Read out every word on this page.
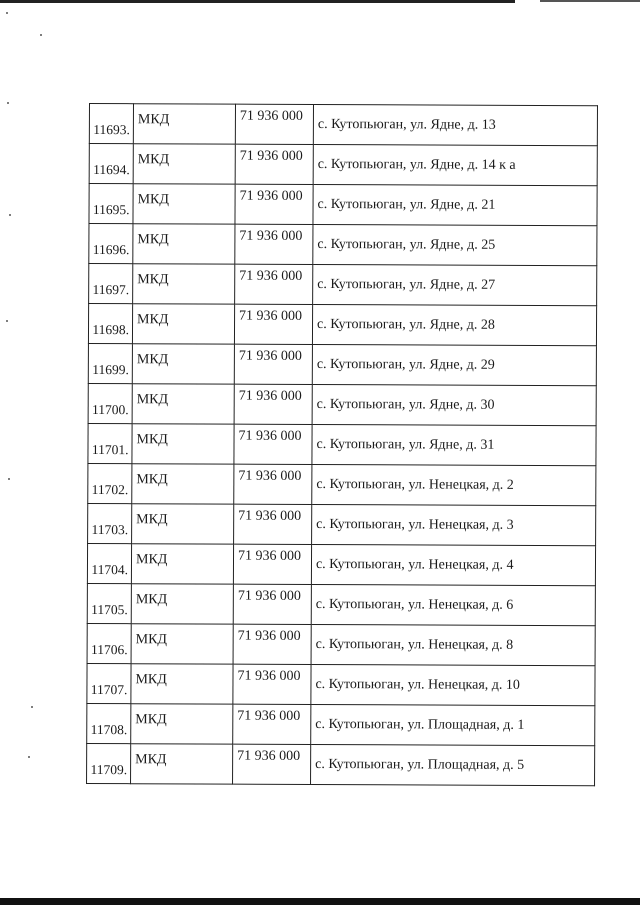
11693.	МКД	71 936 000	с. Кутопьюган, ул. Ядне, д. 13

11694.	МКД	71 936 000	с. Кутопьюган, ул. Ядне, д. 14 к а

11695.	МКД	71 936 000	с. Кутопьюган, ул. Ядне, д. 21

11696.	МКД	71 936 000	с. Кутопьюган, ул. Ядне, д. 25

11697.	МКД	71 936 000	с. Кутопьюган, ул. Ядне, д. 27

11698.	МКД	71 936 000	с. Кутопьюган, ул. Ядне, д. 28

11699.	МКД	71 936 000	с. Кутопьюган, ул. Ядне, д. 29

11700.	МКД	71 936 000	с. Кутопьюган, ул. Ядне, д. 30

11701.	МКД	71 936 000	с. Кутопьюган, ул. Ядне, д. 31

11702.	МКД	71 936 000	с. Кутопьюган, ул. Ненецкая, д. 2

11703.	МКД	71 936 000	с. Кутопьюган, ул. Ненецкая, д. 3

11704.	МКД	71 936 000	с. Кутопьюган, ул. Ненецкая, д. 4

11705.	МКД	71 936 000	с. Кутопьюган, ул. Ненецкая, д. 6

11706.	МКД	71 936 000	с. Кутопьюган, ул. Ненецкая, д. 8

11707.	МКД	71 936 000	с. Кутопьюган, ул. Ненецкая, д. 10

11708.	МКД	71 936 000	с. Кутопьюган, ул. Площадная, д. 1

11709.	МКД	71 936 000	с. Кутопьюган, ул. Площадная, д. 5
